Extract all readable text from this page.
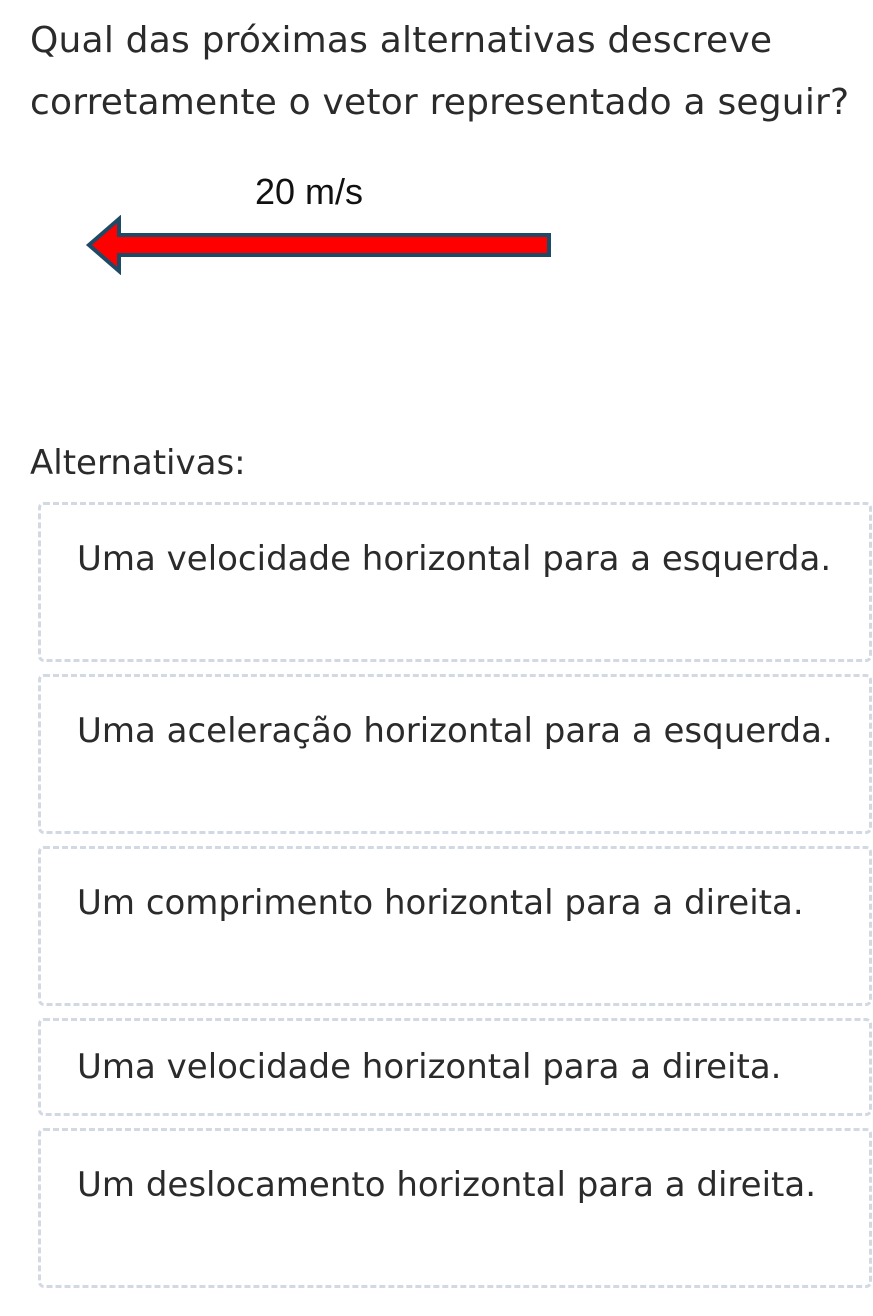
Qual das próximas alternativas descreve corretamente o vetor representado a seguir?
20 m/s
Alternativas:
Uma velocidade horizontal para a esquerda.
Uma aceleração horizontal para a esquerda.
Um comprimento horizontal para a direita.
Uma velocidade horizontal para a direita.
Um deslocamento horizontal para a direita.
